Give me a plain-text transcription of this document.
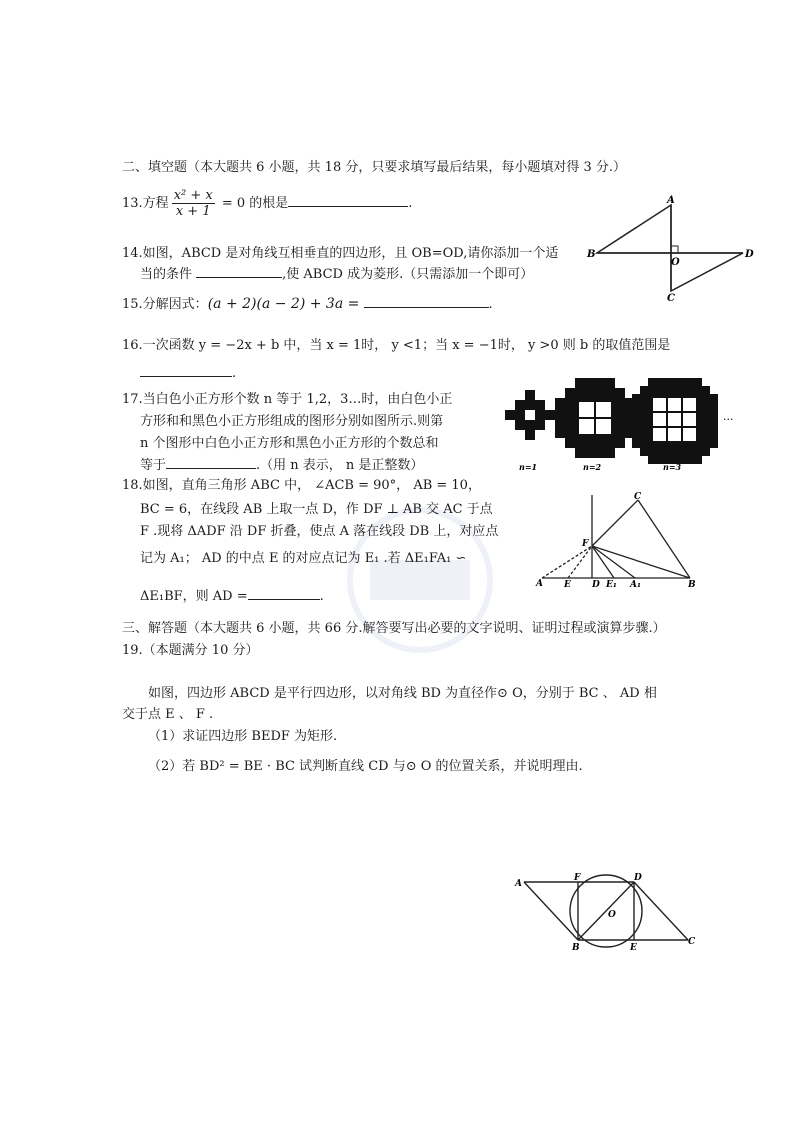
二、填空题（本大题共 6 小题，共 18 分，只要求填写最后结果，每小题填对得 3 分.）
13.方程 $\frac{\text{x² + x}}{x + 1} = 0$ 的根是	.
14.如图，ABCD 是对角线互相垂直的四边形，且 OB=OD,请你添加一个适
当的条件	,使 ABCD 成为菱形.（只需添加一个即可）
A
B	D
C
O
15.分解因式：(a + 2)(a − 2) + 3a =	.
16.一次函数 y = −2x + b 中，当 x = 1时， y <1；当 x = −1时， y >0 则 b 的取值范围是
.
17.当白色小正方形个数 n 等于 1,2，3…时，由白色小正
方形和和黑色小正方形组成的图形分别如图所示.则第
n 个图形中白色小正方形和黑色小正方形的个数总和
等于	.（用 n 表示， n 是正整数）
···
n=1	n=2	n=3
18.如图，直角三角形 ABC 中， ∠ACB = 90°， AB = 10，
BC = 6，在线段 AB 上取一点 D，作 DF ⊥ AB 交 AC 于点
F .现将 ΔADF 沿 DF 折叠，使点 A 落在线段 DB 上，对应点
记为 A₁； AD 的中点 E 的对应点记为 E₁ .若 ΔE₁FA₁ ∽
ΔE₁BF，则 AD =	.
C
F
A E D E₁ A₁	B
三、解答题（本大题共 6 小题，共 66 分.解答要写出必要的文字说明、证明过程或演算步骤.）
19.（本题满分 10 分）
如图，四边形 ABCD 是平行四边形，以对角线 BD 为直径作⊙ O，分别于 BC 、 AD 相
交于点 E 、 F .
（1）求证四边形 BEDF 为矩形.
（2）若 BD² = BE · BC 试判断直线 CD 与⊙ O 的位置关系，并说明理由.
A
F	D
O
B	E
C
